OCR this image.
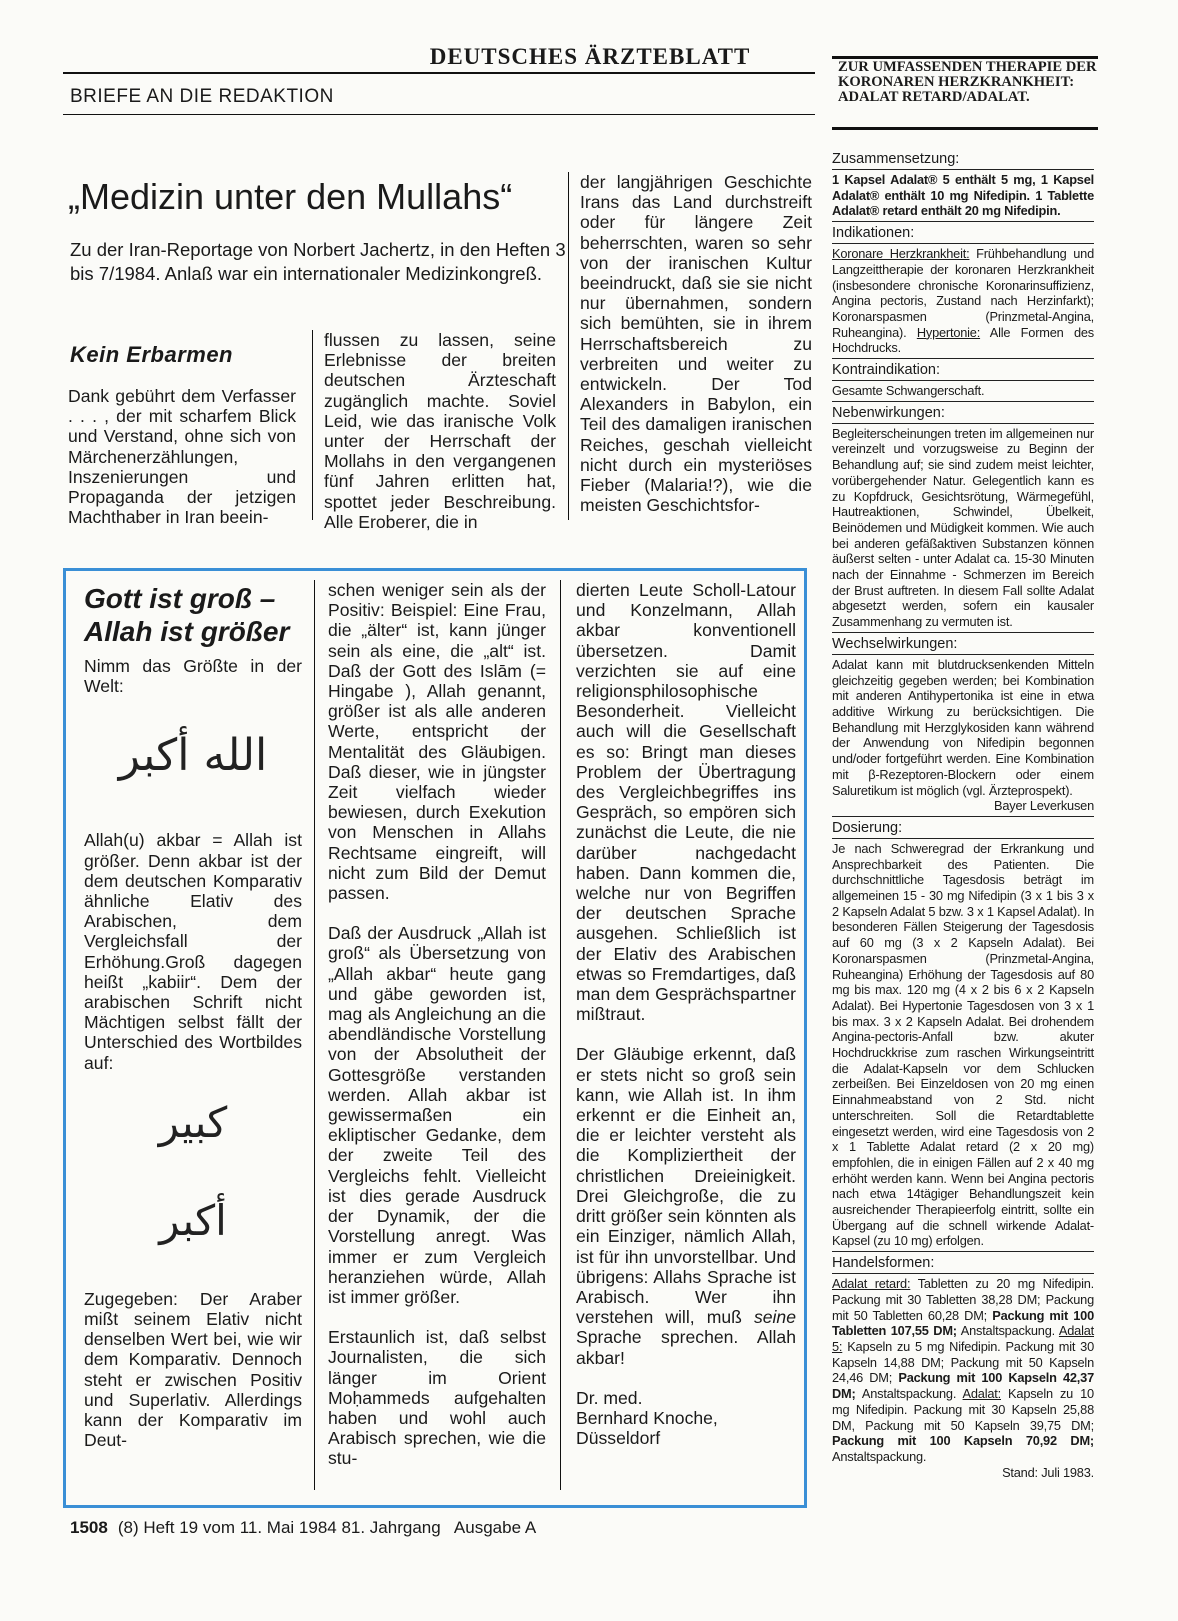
DEUTSCHES ÄRZTEBLATT
BRIEFE AN DIE REDAKTION
„Medizin unter den Mullahs“
Zu der Iran-Reportage von Norbert Jachertz, in den Heften 3 bis 7/1984. Anlaß war ein internationaler Medizinkongreß.
Kein Erbarmen
Dank gebührt dem Verfasser . . . , der mit scharfem Blick und Verstand, ohne sich von Märchenerzählungen, Inszenierungen und Propaganda der jetzigen Machthaber in Iran beein-
flussen zu lassen, seine Erlebnisse der breiten deutschen Ärzteschaft zugänglich machte. Soviel Leid, wie das iranische Volk unter der Herrschaft der Mollahs in den vergangenen fünf Jahren erlitten hat, spottet jeder Beschreibung. Alle Eroberer, die in
der langjährigen Geschichte Irans das Land durchstreift oder für längere Zeit beherrschten, waren so sehr von der iranischen Kultur beeindruckt, daß sie sie nicht nur übernahmen, sondern sich bemühten, sie in ihrem Herrschaftsbereich zu verbreiten und weiter zu entwickeln. Der Tod Alexanders in Babylon, ein Teil des damaligen iranischen Reiches, geschah vielleicht nicht durch ein mysteriöses Fieber (Malaria!?), wie die meisten Geschichtsfor-
Gott ist groß –
Allah ist größer
Nimm das Größte in der Welt:
الله أكبر
Allah(u) akbar = Allah ist größer. Denn akbar ist der dem deutschen Komparativ ähnliche Elativ des Arabischen, dem Vergleichsfall der Erhöhung.Groß dagegen heißt „kabiir“. Dem der arabischen Schrift nicht Mächtigen selbst fällt der Unterschied des Wortbildes auf:
كبير
أكبر
Zugegeben: Der Araber mißt seinem Elativ nicht denselben Wert bei, wie wir dem Komparativ. Dennoch steht er zwischen Positiv und Superlativ. Allerdings kann der Komparativ im Deut-
schen weniger sein als der Positiv: Beispiel: Eine Frau, die „älter“ ist, kann jünger sein als eine, die „alt“ ist. Daß der Gott des Islām (= Hingabe ), Allah genannt, größer ist als alle anderen Werte, entspricht der Mentalität des Gläubigen. Daß dieser, wie in jüngster Zeit vielfach wieder bewiesen, durch Exekution von Menschen in Allahs Rechtsame eingreift, will nicht zum Bild der Demut passen.
Daß der Ausdruck „Allah ist groß“ als Übersetzung von „Allah akbar“ heute gang und gäbe geworden ist, mag als Angleichung an die abendländische Vorstellung von der Absolutheit der Gottesgröße verstanden werden. Allah akbar ist gewissermaßen ein ekliptischer Gedanke, dem der zweite Teil des Vergleichs fehlt. Vielleicht ist dies gerade Ausdruck der Dynamik, der die Vorstellung anregt. Was immer er zum Vergleich heranziehen würde, Allah ist immer größer.
Erstaunlich ist, daß selbst Journalisten, die sich länger im Orient Moḥammeds aufgehalten haben und wohl auch Arabisch sprechen, wie die stu-
dierten Leute Scholl-Latour und Konzelmann, Allah akbar konventionell übersetzen. Damit verzichten sie auf eine religionsphilosophische Besonderheit. Vielleicht auch will die Gesellschaft es so: Bringt man dieses Problem der Übertragung des Vergleichbegriffes ins Gespräch, so empören sich zunächst die Leute, die nie darüber nachgedacht haben. Dann kommen die, welche nur von Begriffen der deutschen Sprache ausgehen. Schließlich ist der Elativ des Arabischen etwas so Fremdartiges, daß man dem Gesprächspartner mißtraut.
Der Gläubige erkennt, daß er stets nicht so groß sein kann, wie Allah ist. In ihm erkennt er die Einheit an, die er leichter versteht als die Kompliziertheit der christlichen Dreieinigkeit. Drei Gleichgroße, die zu dritt größer sein könnten als ein Einziger, nämlich Allah, ist für ihn unvorstellbar. Und übrigens: Allahs Sprache ist Arabisch. Wer ihn verstehen will, muß seine Sprache sprechen. Allah akbar!
Dr. med.
Bernhard Knoche,
Düsseldorf
1508 (8) Heft 19 vom 11. Mai 1984 81. Jahrgang   Ausgabe A
ZUR UMFASSENDEN THERAPIE DER KORONAREN HERZKRANKHEIT: ADALAT RETARD/ADALAT.
Zusammensetzung:
1 Kapsel Adalat® 5 enthält 5 mg, 1 Kapsel Adalat® enthält 10 mg Nifedipin. 1 Tablette Adalat® retard enthält 20 mg Nifedipin.
Indikationen:
Koronare Herzkrankheit: Frühbehandlung und Langzeittherapie der koronaren Herzkrankheit (insbesondere chronische Koronarinsuffizienz, Angina pectoris, Zustand nach Herzinfarkt); Koronarspasmen (Prinzmetal-Angina, Ruheangina). Hypertonie: Alle Formen des Hochdrucks.
Kontraindikation:
Gesamte Schwangerschaft.
Nebenwirkungen:
Begleiterscheinungen treten im allgemeinen nur vereinzelt und vorzugsweise zu Beginn der Behandlung auf; sie sind zudem meist leichter, vorübergehender Natur. Gelegentlich kann es zu Kopfdruck, Gesichtsrötung, Wärmegefühl, Hautreaktionen, Schwindel, Übelkeit, Beinödemen und Müdigkeit kommen. Wie auch bei anderen gefäßaktiven Substanzen können äußerst selten - unter Adalat ca. 15-30 Minuten nach der Einnahme - Schmerzen im Bereich der Brust auftreten. In diesem Fall sollte Adalat abgesetzt werden, sofern ein kausaler Zusammenhang zu vermuten ist.
Wechselwirkungen:
Adalat kann mit blutdrucksenkenden Mitteln gleichzeitig gegeben werden; bei Kombination mit anderen Antihypertonika ist eine in etwa additive Wirkung zu berücksichtigen. Die Behandlung mit Herzglykosiden kann während der Anwendung von Nifedipin begonnen und/oder fortgeführt werden. Eine Kombination mit β-Rezeptoren-Blockern oder einem Saluretikum ist möglich (vgl. Ärzteprospekt).
Bayer Leverkusen
Dosierung:
Je nach Schweregrad der Erkrankung und Ansprechbarkeit des Patienten. Die durchschnittliche Tagesdosis beträgt im allgemeinen 15 - 30 mg Nifedipin (3 x 1 bis 3 x 2 Kapseln Adalat 5 bzw. 3 x 1 Kapsel Adalat). In besonderen Fällen Steigerung der Tagesdosis auf 60 mg (3 x 2 Kapseln Adalat). Bei Koronarspasmen (Prinzmetal-Angina, Ruheangina) Erhöhung der Tagesdosis auf 80 mg bis max. 120 mg (4 x 2 bis 6 x 2 Kapseln Adalat). Bei Hypertonie Tagesdosen von 3 x 1 bis max. 3 x 2 Kapseln Adalat. Bei drohendem Angina-pectoris-Anfall bzw. akuter Hochdruckkrise zum raschen Wirkungseintritt die Adalat-Kapseln vor dem Schlucken zerbeißen. Bei Einzeldosen von 20 mg einen Einnahmeabstand von 2 Std. nicht unterschreiten. Soll die Retardtablette eingesetzt werden, wird eine Tagesdosis von 2 x 1 Tablette Adalat retard (2 x 20 mg) empfohlen, die in einigen Fällen auf 2 x 40 mg erhöht werden kann. Wenn bei Angina pectoris nach etwa 14tägiger Behandlungszeit kein ausreichender Therapieerfolg eintritt, sollte ein Übergang auf die schnell wirkende Adalat-Kapsel (zu 10 mg) erfolgen.
Handelsformen:
Adalat retard: Tabletten zu 20 mg Nifedipin. Packung mit 30 Tabletten 38,28 DM; Packung mit 50 Tabletten 60,28 DM; Packung mit 100 Tabletten 107,55 DM; Anstaltspackung. Adalat 5: Kapseln zu 5 mg Nifedipin. Packung mit 30 Kapseln 14,88 DM; Packung mit 50 Kapseln 24,46 DM; Packung mit 100 Kapseln 42,37 DM; Anstaltspackung. Adalat: Kapseln zu 10 mg Nifedipin. Packung mit 30 Kapseln 25,88 DM, Packung mit 50 Kapseln 39,75 DM; Packung mit 100 Kapseln 70,92 DM; Anstaltspackung.
Stand: Juli 1983.
